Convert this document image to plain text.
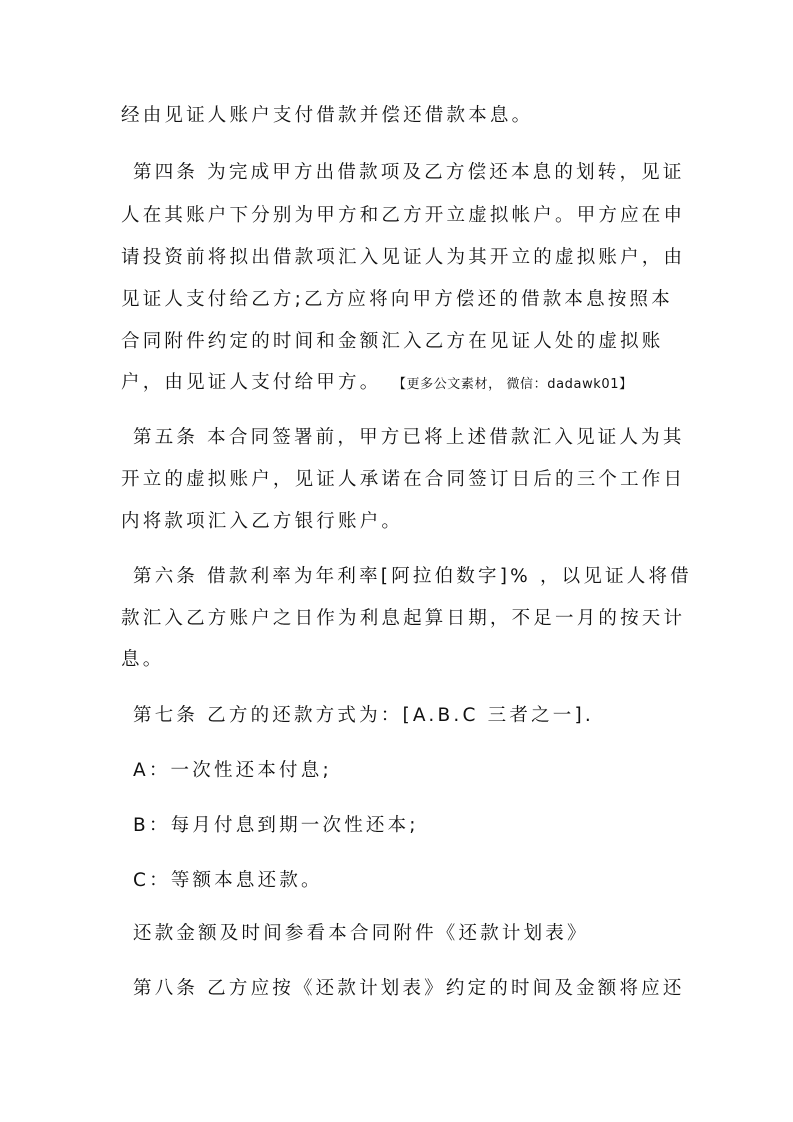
经由见证人账户支付借款并偿还借款本息。
第四条 为完成甲方出借款项及乙方偿还本息的划转，见证
人在其账户下分别为甲方和乙方开立虚拟帐户。甲方应在申
请投资前将拟出借款项汇入见证人为其开立的虚拟账户，由
见证人支付给乙方;乙方应将向甲方偿还的借款本息按照本
合同附件约定的时间和金额汇入乙方在见证人处的虚拟账
户，由见证人支付给甲方。 【更多公文素材， 微信：dadawk01】
第五条 本合同签署前，甲方已将上述借款汇入见证人为其
开立的虚拟账户，见证人承诺在合同签订日后的三个工作日
内将款项汇入乙方银行账户。
第六条 借款利率为年利率[阿拉伯数字]% ，以见证人将借
款汇入乙方账户之日作为利息起算日期，不足一月的按天计
息。
第七条 乙方的还款方式为：[A.B.C 三者之一].
A：一次性还本付息;
B：每月付息到期一次性还本;
C：等额本息还款。
还款金额及时间参看本合同附件《还款计划表》
第八条 乙方应按《还款计划表》约定的时间及金额将应还
